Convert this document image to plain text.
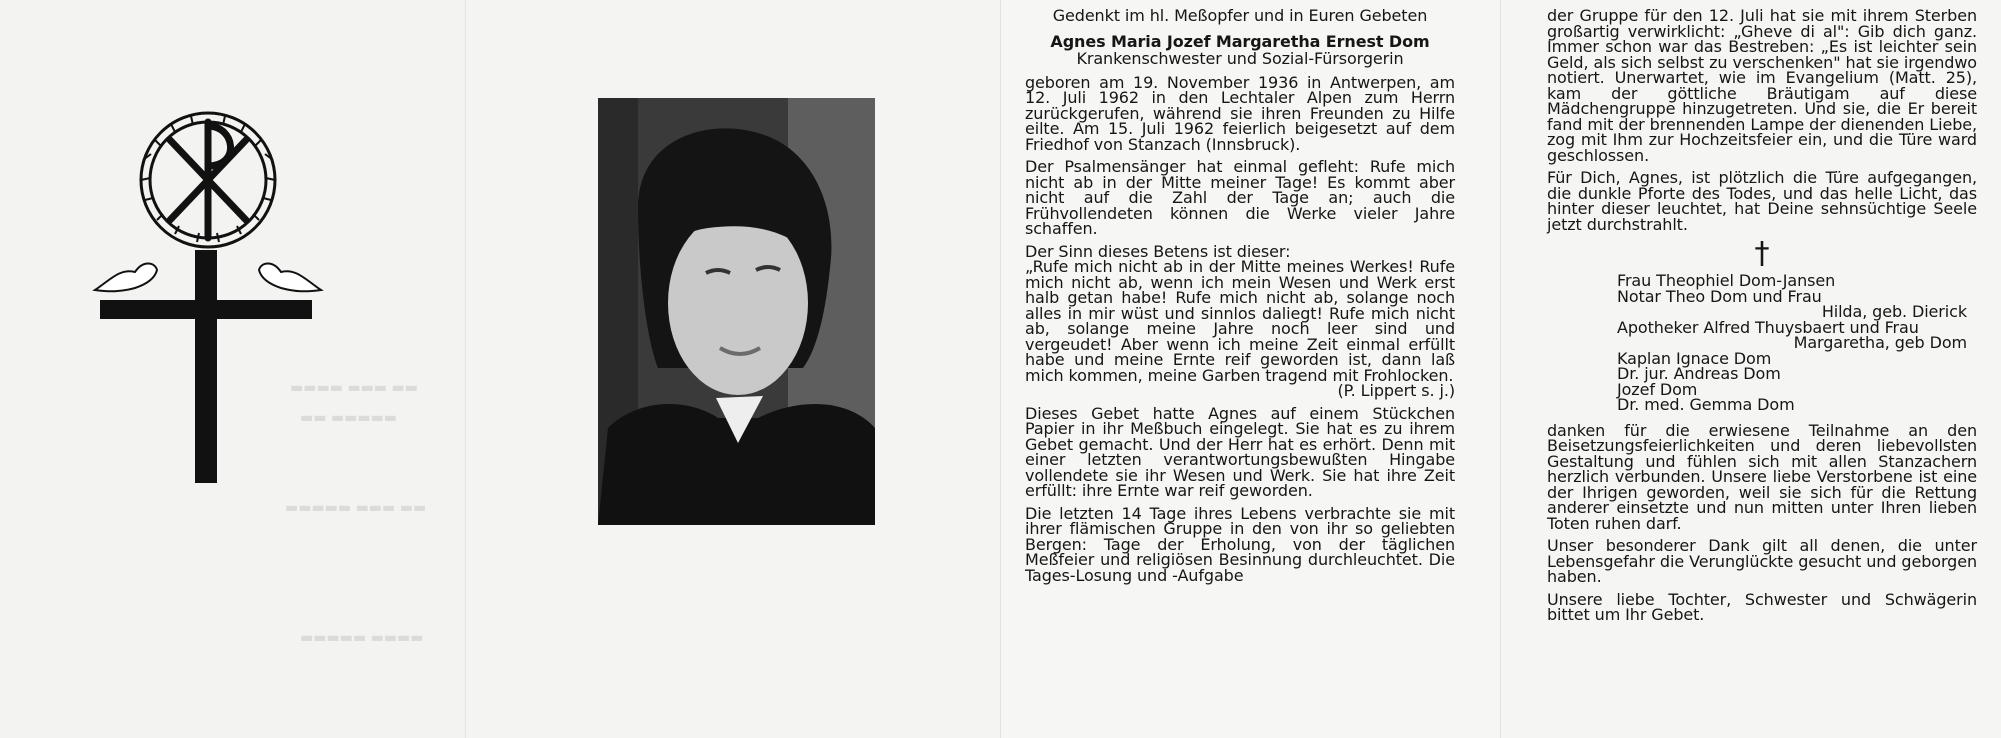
▬▬ ▬▬▬ ▬▬▬▬
▬▬▬▬▬ ▬▬
▬▬ ▬▬▬ ▬▬▬▬▬
▬▬▬▬ ▬▬▬▬▬

Gedenkt im hl. Meßopfer und in Euren Gebeten

Agnes Maria Jozef Margaretha Ernest Dom
Krankenschwester und Sozial-Fürsorgerin

geboren am 19. November 1936 in Antwerpen, am 12. Juli 1962 in den Lechtaler Alpen zum Herrn zurückgerufen, während sie ihren Freunden zu Hilfe eilte. Am 15. Juli 1962 feierlich beigesetzt auf dem Friedhof von Stanzach (Innsbruck).

Der Psalmensänger hat einmal gefleht: Rufe mich nicht ab in der Mitte meiner Tage! Es kommt aber nicht auf die Zahl der Tage an; auch die Frühvollendeten können die Werke vieler Jahre schaffen.

Der Sinn dieses Betens ist dieser:
„Rufe mich nicht ab in der Mitte meines Werkes! Rufe mich nicht ab, wenn ich mein Wesen und Werk erst halb getan habe! Rufe mich nicht ab, solange noch alles in mir wüst und sinnlos daliegt! Rufe mich nicht ab, solange meine Jahre noch leer sind und vergeudet! Aber wenn ich meine Zeit einmal erfüllt habe und meine Ernte reif geworden ist, dann laß mich kommen, meine Garben tragend mit Frohlocken.

(P. Lippert s. j.)

Dieses Gebet hatte Agnes auf einem Stückchen Papier in ihr Meßbuch eingelegt. Sie hat es zu ihrem Gebet gemacht. Und der Herr hat es erhört. Denn mit einer letzten verantwortungsbewußten Hingabe vollendete sie ihr Wesen und Werk. Sie hat ihre Zeit erfüllt: ihre Ernte war reif geworden.

Die letzten 14 Tage ihres Lebens verbrachte sie mit ihrer flämischen Gruppe in den von ihr so geliebten Bergen: Tage der Erholung, von der täglichen Meßfeier und religiösen Besinnung durchleuchtet. Die Tages-Losung und -Aufgabe

der Gruppe für den 12. Juli hat sie mit ihrem Sterben großartig verwirklicht: „Gheve di al": Gib dich ganz. Immer schon war das Bestreben: „Es ist leichter sein Geld, als sich selbst zu verschenken" hat sie irgendwo notiert. Unerwartet, wie im Evangelium (Matt. 25), kam der göttliche Bräutigam auf diese Mädchengruppe hinzugetreten. Und sie, die Er bereit fand mit der brennenden Lampe der dienenden Liebe, zog mit Ihm zur Hochzeitsfeier ein, und die Türe ward geschlossen.

Für Dich, Agnes, ist plötzlich die Türe aufgegangen, die dunkle Pforte des Todes, und das helle Licht, das hinter dieser leuchtet, hat Deine sehnsüchtige Seele jetzt durchstrahlt.

†
Frau Theophiel Dom-Jansen
Notar Theo Dom und Frau
Hilda, geb. Dierick
Apotheker Alfred Thuysbaert und Frau
Margaretha, geb Dom
Kaplan Ignace Dom
Dr. jur. Andreas Dom
Jozef Dom
Dr. med. Gemma Dom

danken für die erwiesene Teilnahme an den Beisetzungsfeierlichkeiten und deren liebevollsten Gestaltung und fühlen sich mit allen Stanzachern herzlich verbunden. Unsere liebe Verstorbene ist eine der Ihrigen geworden, weil sie sich für die Rettung anderer einsetzte und nun mitten unter Ihren lieben Toten ruhen darf.

Unser besonderer Dank gilt all denen, die unter Lebensgefahr die Verunglückte gesucht und geborgen haben.

Unsere liebe Tochter, Schwester und Schwägerin bittet um Ihr Gebet.
